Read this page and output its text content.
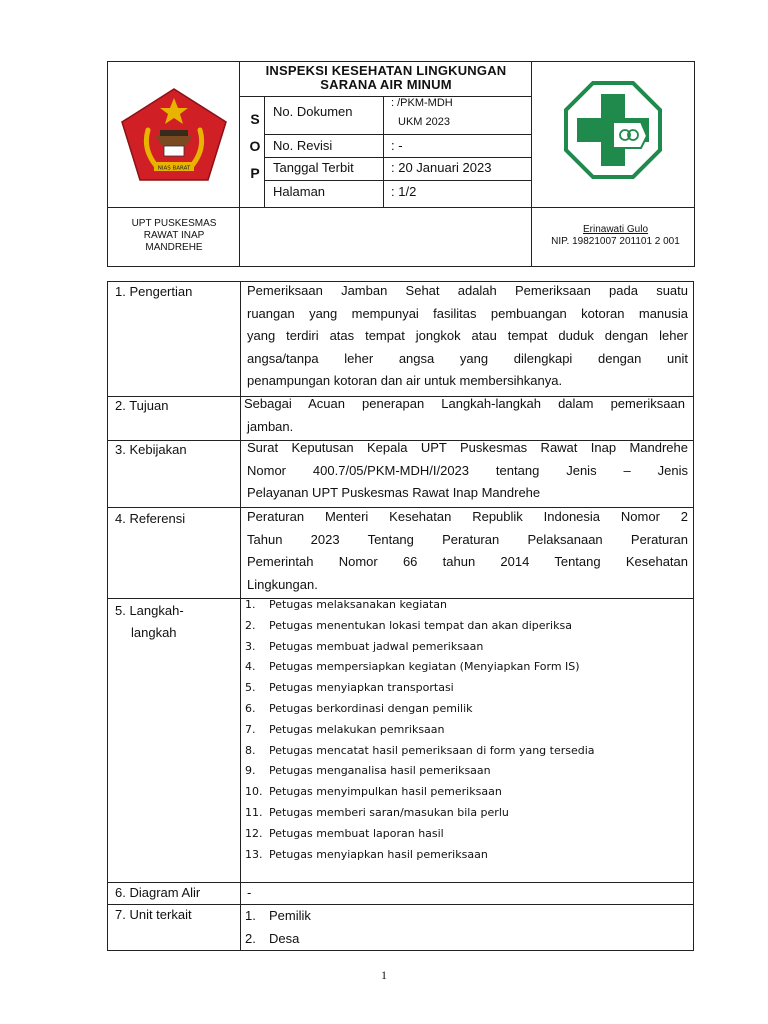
NIAS BARAT
INSPEKSI KESEHATAN LINGKUNGAN
SARANA AIR MINUM
S
O
P
No. Dokumen
: /PKM-MDH
UKM 2023
No. Revisi	: -
Tanggal Terbit	: 20 Januari 2023
Halaman	: 1/2
UPT PUSKESMAS
RAWAT INAP
MANDREHE
Erinawati Gulo
NIP. 19821007 201101 2 001
1. Pengertian	Pemeriksaan Jamban Sehat adalah Pemeriksaan pada suatu
ruangan yang mempunyai fasilitas pembuangan kotoran manusia
yang terdiri atas tempat jongkok atau tempat duduk dengan leher
angsa/tanpa leher angsa yang dilengkapi dengan unit
penampungan kotoran dan air untuk membersihkanya.
2. Tujuan	Sebagai Acuan penerapan Langkah-langkah dalam pemeriksaan
jamban.
3. Kebijakan	Surat Keputusan Kepala UPT Puskesmas Rawat Inap Mandrehe
Nomor 400.7/05/PKM-MDH/I/2023 tentang Jenis – Jenis
Pelayanan UPT Puskesmas Rawat Inap Mandrehe
4. Referensi	Peraturan Menteri Kesehatan Republik Indonesia Nomor 2
Tahun 2023 Tentang Peraturan Pelaksanaan Peraturan
Pemerintah Nomor 66 tahun 2014 Tentang Kesehatan
Lingkungan.
5. Langkah-
langkah
1.	Petugas melaksanakan kegiatan
2.	Petugas menentukan lokasi tempat dan akan diperiksa
3.	Petugas membuat jadwal pemeriksaan
4.	Petugas mempersiapkan kegiatan (Menyiapkan Form IS)
5.	Petugas menyiapkan transportasi
6.	Petugas berkordinasi dengan pemilik
7.	Petugas melakukan pemriksaan
8.	Petugas mencatat hasil pemeriksaan di form yang tersedia
9.	Petugas menganalisa hasil pemeriksaan
10. Petugas menyimpulkan hasil pemeriksaan
11. Petugas memberi saran/masukan bila perlu
12. Petugas membuat laporan hasil
13. Petugas menyiapkan hasil pemeriksaan
6. Diagram Alir	-
7. Unit terkait	1.	Pemilik
2.	Desa
1
